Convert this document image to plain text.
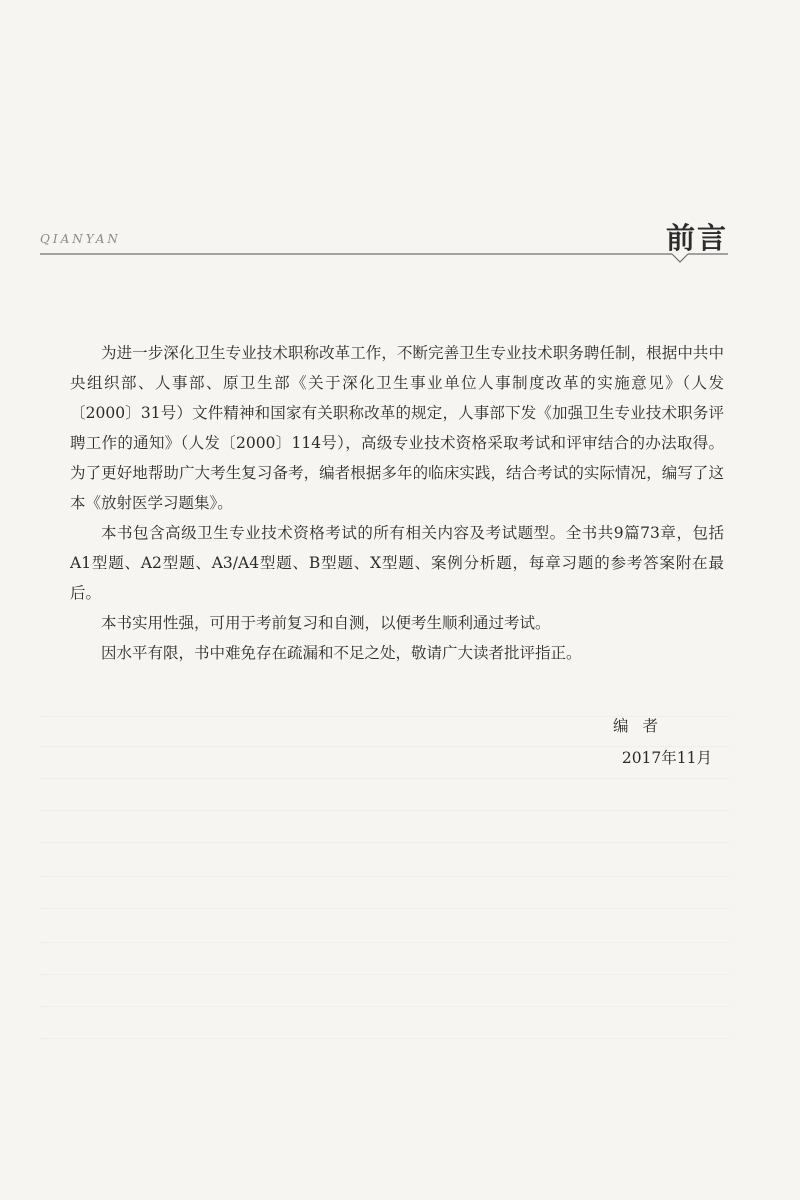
QIANYAN	前言

为进一步深化卫生专业技术职称改革工作，不断完善卫生专业技术职务聘任制，根据中共中央组织部、人事部、原卫生部《关于深化卫生事业单位人事制度改革的实施意见》（人发〔2000〕31号）文件精神和国家有关职称改革的规定，人事部下发《加强卫生专业技术职务评聘工作的通知》（人发〔2000〕114号），高级专业技术资格采取考试和评审结合的办法取得。为了更好地帮助广大考生复习备考，编者根据多年的临床实践，结合考试的实际情况，编写了这本《放射医学习题集》。

本书包含高级卫生专业技术资格考试的所有相关内容及考试题型。全书共9篇73章，包括A1型题、A2型题、A3/A4型题、B型题、X型题、案例分析题，每章习题的参考答案附在最后。

本书实用性强，可用于考前复习和自测，以便考生顺利通过考试。

因水平有限，书中难免存在疏漏和不足之处，敬请广大读者批评指正。

编者
2017年11月
